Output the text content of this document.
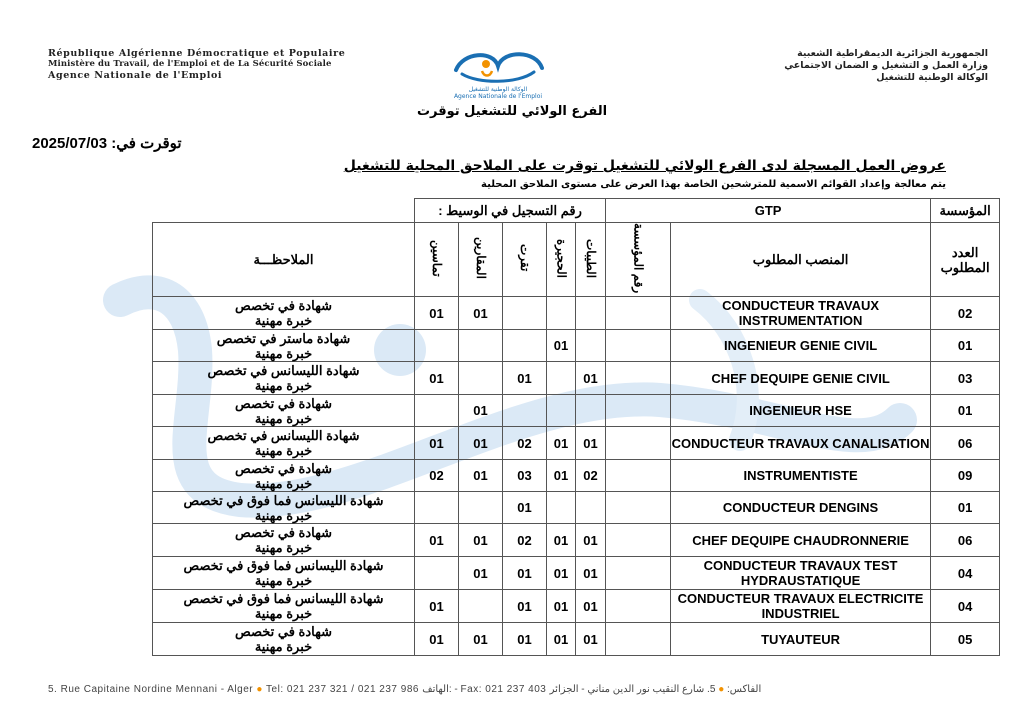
République Algérienne Démocratique et Populaire
Ministère du Travail, de l'Emploi et de La Sécurité Sociale
Agence Nationale de l'Emploi
الوكالة الوطنية للتشغيل
Agence Nationale de l'Emploi
الجمهورية الجزائرية الديمقراطية الشعبية
وزارة العمل و التشغيل و الضمان الاجتماعي
الوكالة الوطنية للتشغيل
الفرع الولائي للتشغيل توقرت
توقرت في: 2025/07/03
عروض العمل المسجلة لدى الفرع الولائي للتشغيل توقرت على الملاحق المحلية للتشغيل
يتم معالجة وإعداد القوائم الاسمية للمترشحين الخاصة بهذا العرض على مستوى الملاحق المحلية
	رقم التسجيل في الوسيط :					GTP		المؤسسة
الملاحظـــة	تماسين	المقارين	تقرت	الحجيرة	الطيبات	رقم المؤسسة	المنصب المطلوب	العدد المطلوب

شهادة في تخصص
خبرة مهنية	01	01					CONDUCTEUR TRAVAUX INSTRUMENTATION	02

شهادة ماستر في تخصص
خبرة مهنية				01			INGENIEUR GENIE CIVIL	01

شهادة الليسانس في تخصص
خبرة مهنية	01		01		01		CHEF DEQUIPE GENIE CIVIL	03

شهادة في تخصص
خبرة مهنية		01					INGENIEUR HSE	01

شهادة الليسانس في تخصص
خبرة مهنية	01	01	02	01	01		CONDUCTEUR TRAVAUX CANALISATION	06

شهادة في تخصص
خبرة مهنية	02	01	03	01	02		INSTRUMENTISTE	09

شهادة الليسانس فما فوق في تخصص
خبرة مهنية			01				CONDUCTEUR DENGINS	01

شهادة في تخصص
خبرة مهنية	01	01	02	01	01		CHEF DEQUIPE CHAUDRONNERIE	06

شهادة الليسانس فما فوق في تخصص
خبرة مهنية		01	01	01	01		CONDUCTEUR TRAVAUX TEST HYDRAUSTATIQUE	04

شهادة الليسانس فما فوق في تخصص
خبرة مهنية	01		01	01	01		CONDUCTEUR TRAVAUX ELECTRICITE INDUSTRIEL	04

شهادة في تخصص
خبرة مهنية	01	01	01	01	01		TUYAUTEUR	05
5. Rue Capitaine Nordine Mennani - Alger ● Tel: 021 237 321 / 021 237 986 الهاتف: - Fax: 021 237 403	الفاكس: ● 5. شارع النقيب نور الدين مناني - الجزائر
